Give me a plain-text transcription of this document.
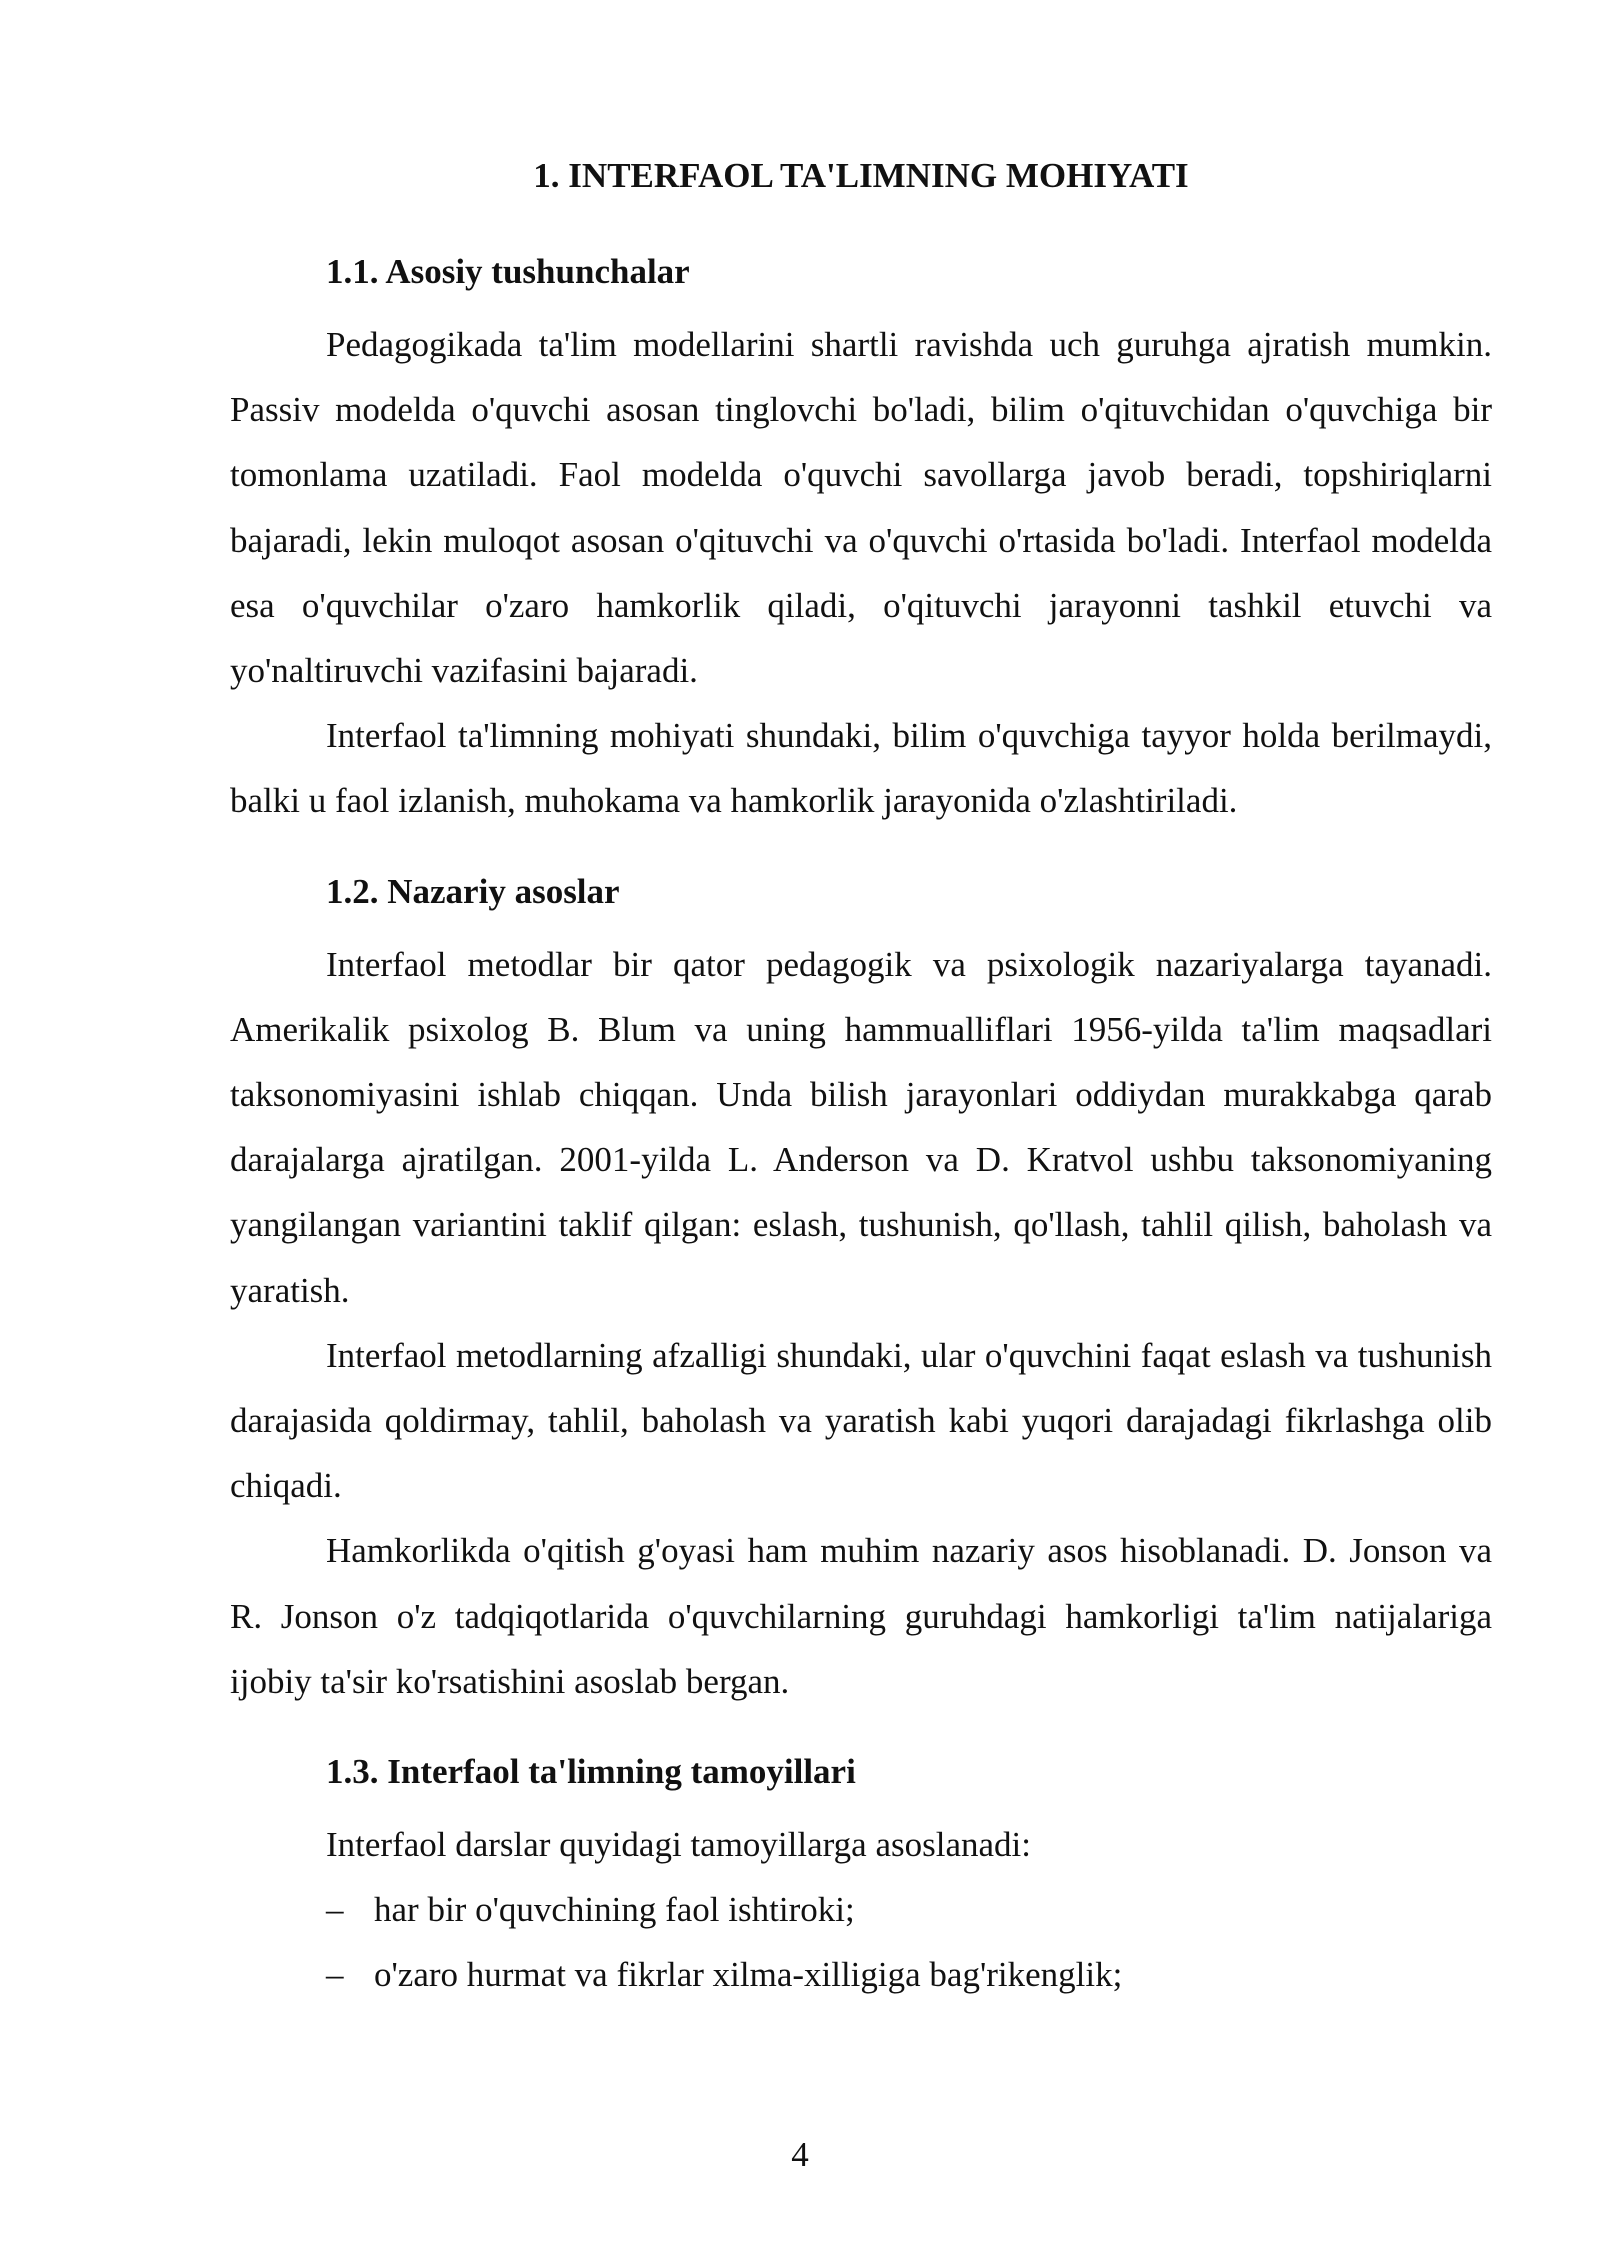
1. INTERFAOL TA'LIMNING MOHIYATI
1.1. Asosiy tushunchalar

Pedagogikada ta'lim modellarini shartli ravishda uch guruhga ajratish mumkin. Passiv modelda o'quvchi asosan tinglovchi bo'ladi, bilim o'qituvchidan o'quvchiga bir tomonlama uzatiladi. Faol modelda o'quvchi savollarga javob beradi, topshiriqlarni bajaradi, lekin muloqot asosan o'qituvchi va o'quvchi o'rtasida bo'ladi. Interfaol modelda esa o'quvchilar o'zaro hamkorlik qiladi, o'qituvchi jarayonni tashkil etuvchi va yo'naltiruvchi vazifasini bajaradi.

Interfaol ta'limning mohiyati shundaki, bilim o'quvchiga tayyor holda berilmaydi, balki u faol izlanish, muhokama va hamkorlik jarayonida o'zlashtiriladi.

1.2. Nazariy asoslar

Interfaol metodlar bir qator pedagogik va psixologik nazariyalarga tayanadi. Amerikalik psixolog B. Blum va uning hammualliflari 1956-yilda ta'lim maqsadlari taksonomiyasini ishlab chiqqan. Unda bilish jarayonlari oddiydan murakkabga qarab darajalarga ajratilgan. 2001-yilda L. Anderson va D. Kratvol ushbu taksonomiyaning yangilangan variantini taklif qilgan: eslash, tushunish, qo'llash, tahlil qilish, baholash va yaratish.

Interfaol metodlarning afzalligi shundaki, ular o'quvchini faqat eslash va tushunish darajasida qoldirmay, tahlil, baholash va yaratish kabi yuqori darajadagi fikrlashga olib chiqadi.

Hamkorlikda o'qitish g'oyasi ham muhim nazariy asos hisoblanadi. D. Jonson va R. Jonson o'z tadqiqotlarida o'quvchilarning guruhdagi hamkorligi ta'lim natijalariga ijobiy ta'sir ko'rsatishini asoslab bergan.

1.3. Interfaol ta'limning tamoyillari

Interfaol darslar quyidagi tamoyillarga asoslanadi:

– har bir o'quvchining faol ishtiroki;
– o'zaro hurmat va fikrlar xilma-xilligiga bag'rikenglik;
4
